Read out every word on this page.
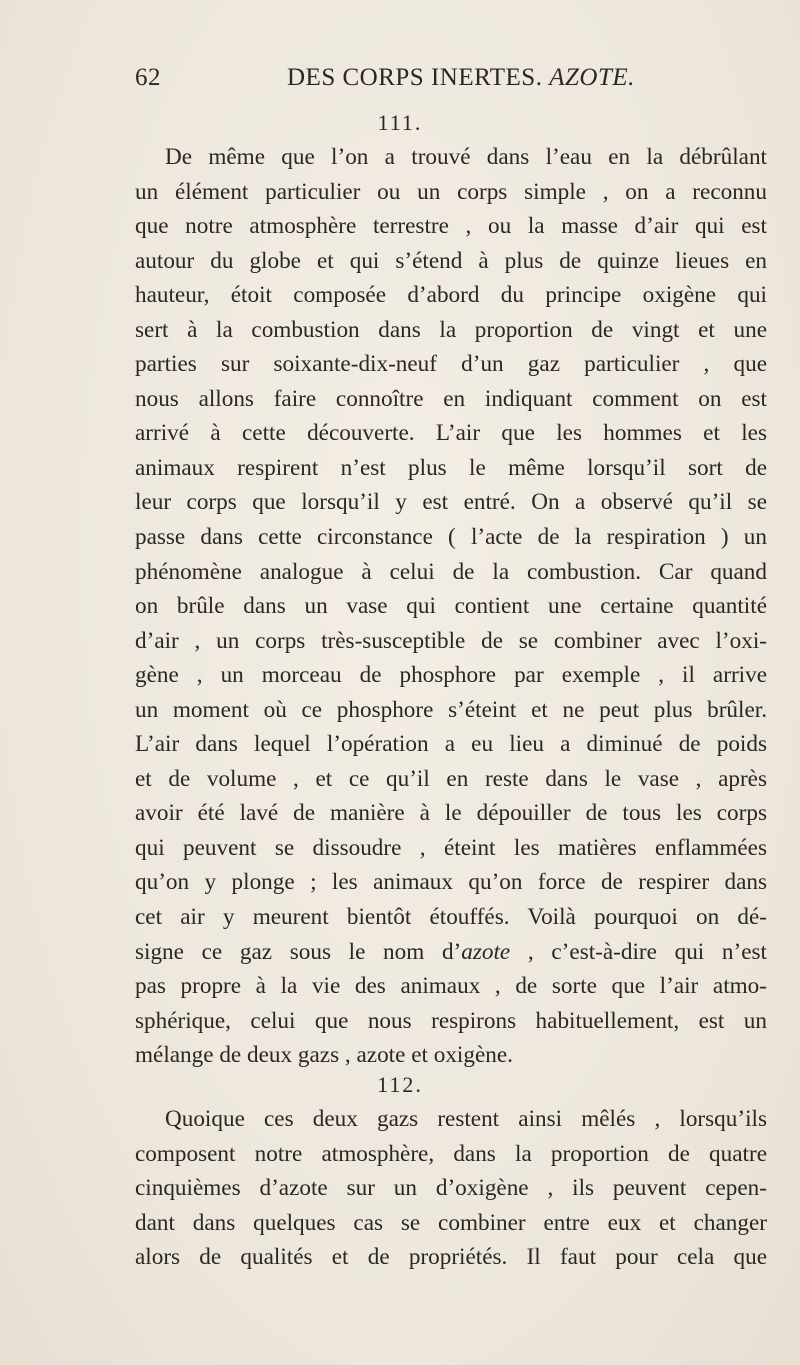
62	DES CORPS INERTES. AZOTE.
111.
De même que l’on a trouvé dans l’eau en la débrûlant
un élément particulier ou un corps simple , on a reconnu
que notre atmosphère terrestre , ou la masse d’air qui est
autour du globe et qui s’étend à plus de quinze lieues en
hauteur, étoit composée d’abord du principe oxigène qui
sert à la combustion dans la proportion de vingt et une
parties sur soixante-dix-neuf d’un gaz particulier , que
nous allons faire connoître en indiquant comment on est
arrivé à cette découverte. L’air que les hommes et les
animaux respirent n’est plus le même lorsqu’il sort de
leur corps que lorsqu’il y est entré. On a observé qu’il se
passe dans cette circonstance ( l’acte de la respiration ) un
phénomène analogue à celui de la combustion. Car quand
on brûle dans un vase qui contient une certaine quantité
d’air , un corps très-susceptible de se combiner avec l’oxi-
gène , un morceau de phosphore par exemple , il arrive
un moment où ce phosphore s’éteint et ne peut plus brûler.
L’air dans lequel l’opération a eu lieu a diminué de poids
et de volume , et ce qu’il en reste dans le vase , après
avoir été lavé de manière à le dépouiller de tous les corps
qui peuvent se dissoudre , éteint les matières enflammées
qu’on y plonge ; les animaux qu’on force de respirer dans
cet air y meurent bientôt étouffés. Voilà pourquoi on dé-
signe ce gaz sous le nom d’azote , c’est-à-dire qui n’est
pas propre à la vie des animaux , de sorte que l’air atmo-
sphérique, celui que nous respirons habituellement, est un
mélange de deux gazs , azote et oxigène.
112.
Quoique ces deux gazs restent ainsi mêlés , lorsqu’ils
composent notre atmosphère, dans la proportion de quatre
cinquièmes d’azote sur un d’oxigène , ils peuvent cepen-
dant dans quelques cas se combiner entre eux et changer
alors de qualités et de propriétés. Il faut pour cela que
